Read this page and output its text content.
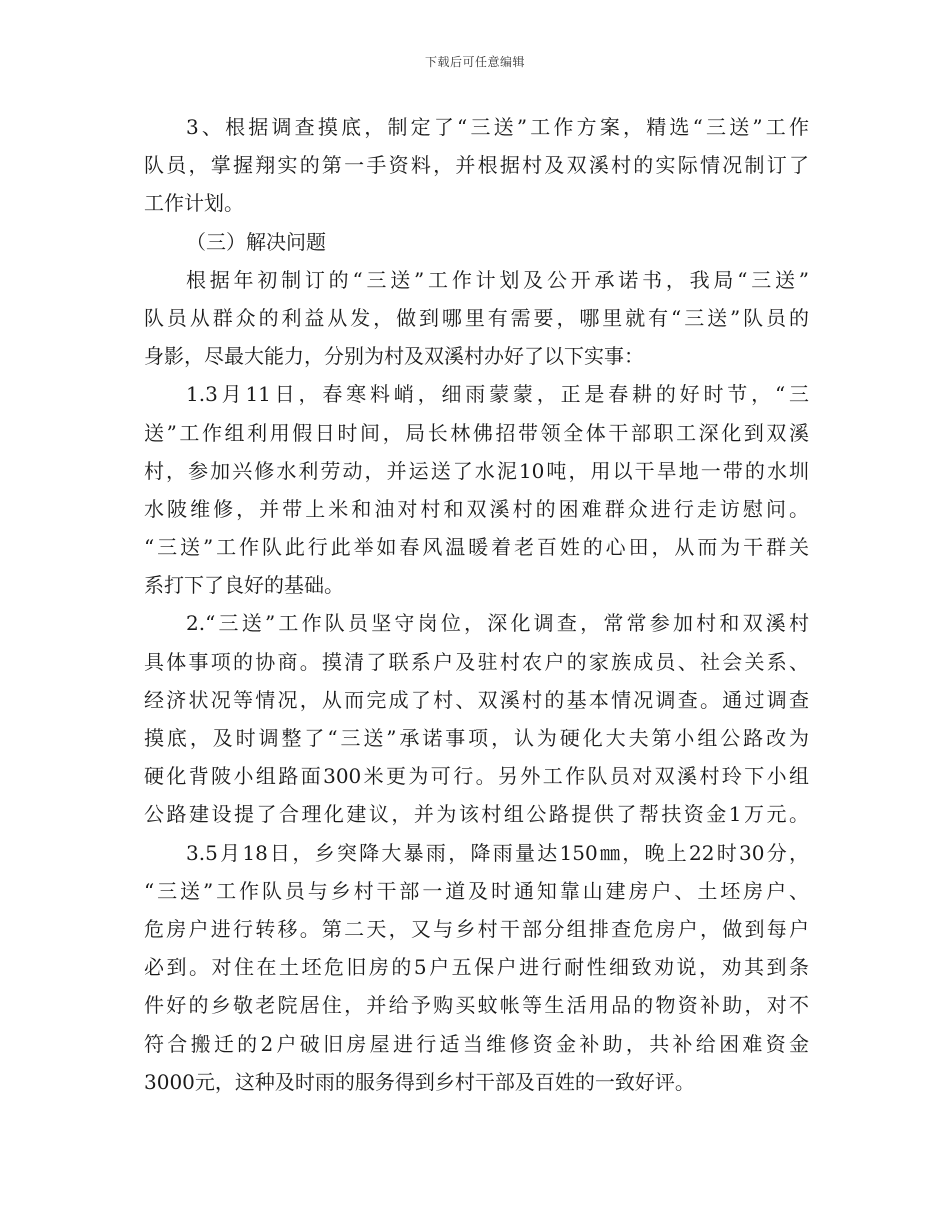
下载后可任意编辑
3、根据调查摸底，制定了“三送”工作方案，精选“三送”工作
队员，掌握翔实的第一手资料，并根据村及双溪村的实际情况制订了
工作计划。
（三）解决问题
根据年初制订的“三送”工作计划及公开承诺书，我局“三送”
队员从群众的利益从发，做到哪里有需要，哪里就有“三送”队员的
身影，尽最大能力，分别为村及双溪村办好了以下实事：
1.3月11日，春寒料峭，细雨蒙蒙，正是春耕的好时节，“三
送”工作组利用假日时间，局长林佛招带领全体干部职工深化到双溪
村，参加兴修水利劳动，并运送了水泥10吨，用以干旱地一带的水圳
水陂维修，并带上米和油对村和双溪村的困难群众进行走访慰问。
“三送”工作队此行此举如春风温暖着老百姓的心田，从而为干群关
系打下了良好的基础。
2.“三送”工作队员坚守岗位，深化调查，常常参加村和双溪村
具体事项的协商。摸清了联系户及驻村农户的家族成员、社会关系、
经济状况等情况，从而完成了村、双溪村的基本情况调查。通过调查
摸底，及时调整了“三送”承诺事项，认为硬化大夫第小组公路改为
硬化背陂小组路面300米更为可行。另外工作队员对双溪村玲下小组
公路建设提了合理化建议，并为该村组公路提供了帮扶资金1万元。
3.5月18日，乡突降大暴雨，降雨量达150㎜，晚上22时30分，
“三送”工作队员与乡村干部一道及时通知靠山建房户、土坯房户、
危房户进行转移。第二天，又与乡村干部分组排查危房户，做到每户
必到。对住在土坯危旧房的5户五保户进行耐性细致劝说，劝其到条
件好的乡敬老院居住，并给予购买蚊帐等生活用品的物资补助，对不
符合搬迁的2户破旧房屋进行适当维修资金补助，共补给困难资金
3000元，这种及时雨的服务得到乡村干部及百姓的一致好评。
